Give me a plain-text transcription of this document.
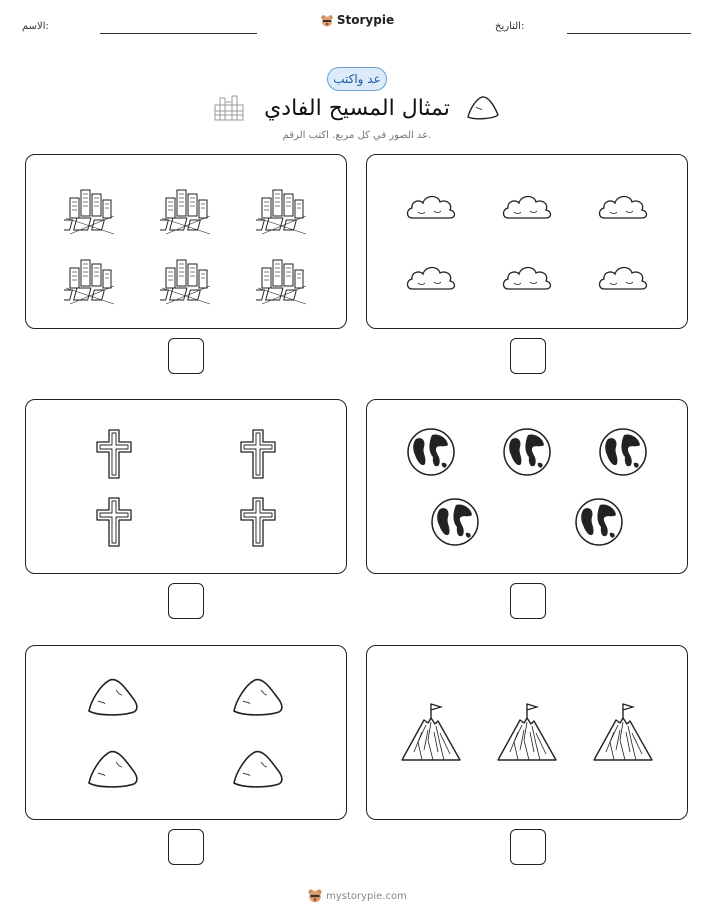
الاسم:	التاريخ:
Storypie
عد واكتب
تمثال المسيح الفادي
عد الصور في كل مربع. اكتب الرقم.
mystorypie.com
